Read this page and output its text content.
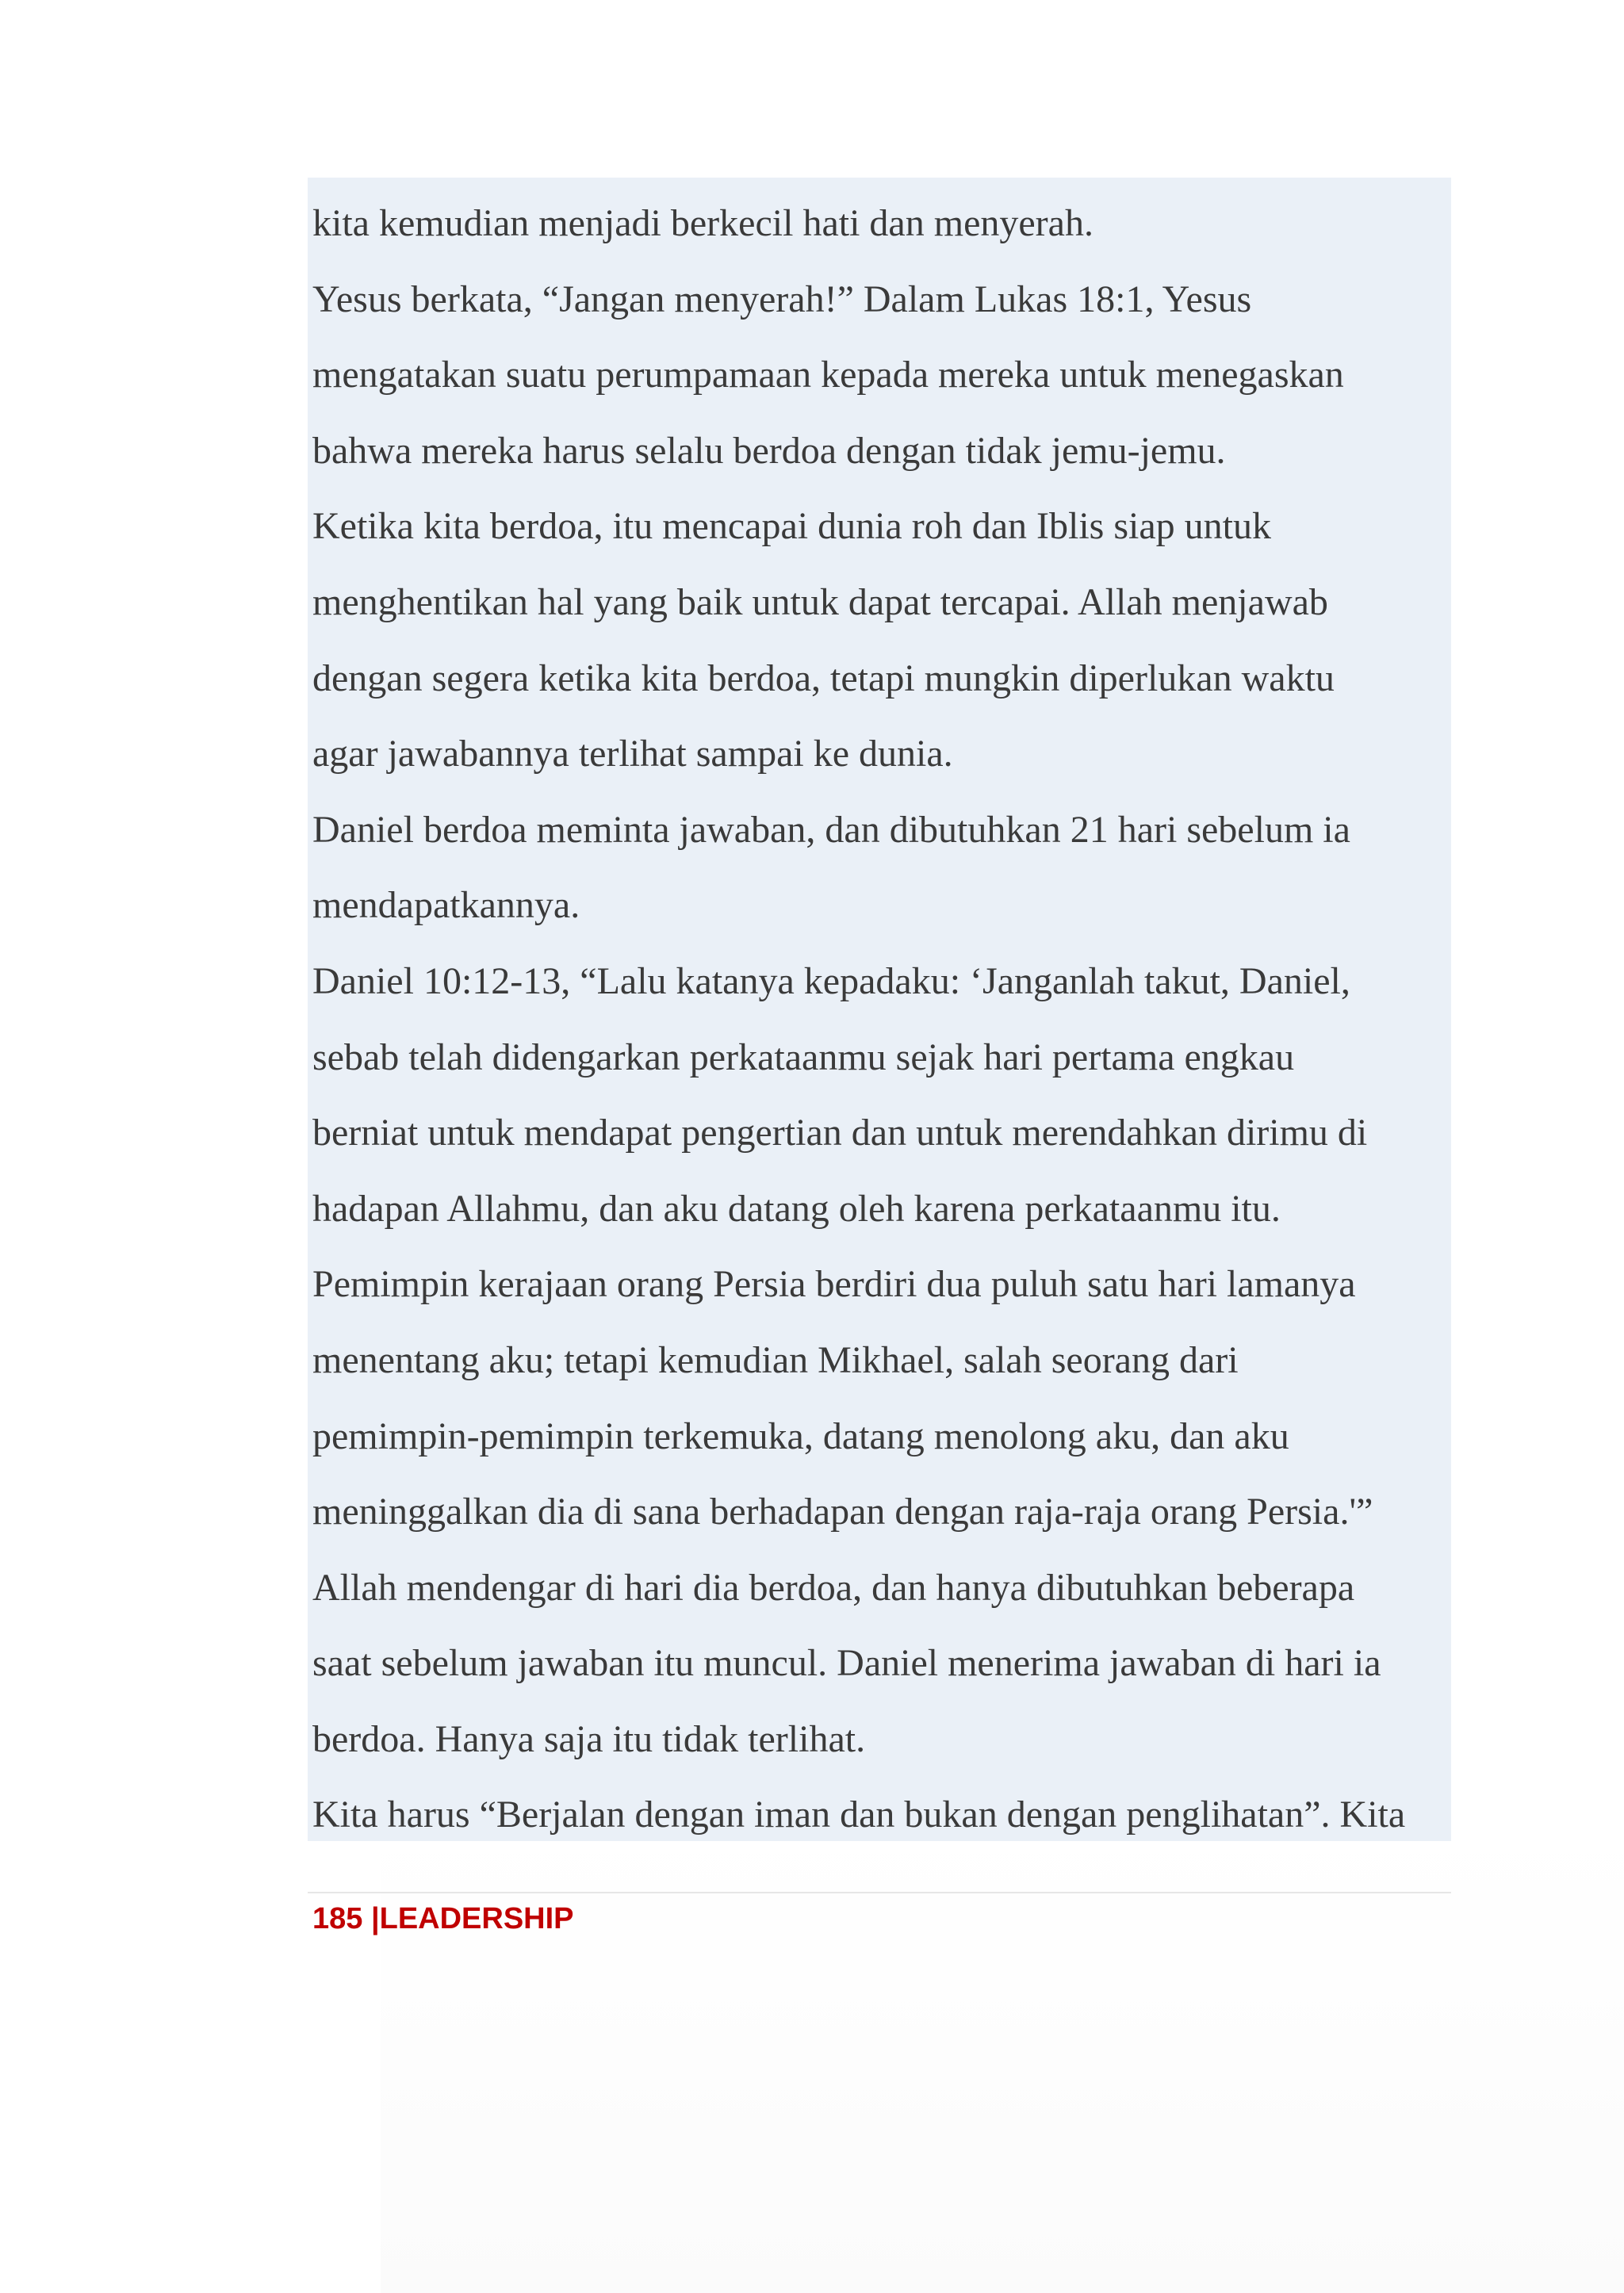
kita kemudian menjadi berkecil hati dan menyerah.
Yesus berkata, “Jangan menyerah!” Dalam Lukas 18:1, Yesus
mengatakan suatu perumpamaan kepada mereka untuk menegaskan
bahwa mereka harus selalu berdoa dengan tidak jemu-jemu.
Ketika kita berdoa, itu mencapai dunia roh dan Iblis siap untuk
menghentikan hal yang baik untuk dapat tercapai. Allah menjawab
dengan segera ketika kita berdoa, tetapi mungkin diperlukan waktu
agar jawabannya terlihat sampai ke dunia.
Daniel berdoa meminta jawaban, dan dibutuhkan 21 hari sebelum ia
mendapatkannya.
Daniel 10:12-13, “Lalu katanya kepadaku: ‘Janganlah takut, Daniel,
sebab telah didengarkan perkataanmu sejak hari pertama engkau
berniat untuk mendapat pengertian dan untuk merendahkan dirimu di
hadapan Allahmu, dan aku datang oleh karena perkataanmu itu.
Pemimpin kerajaan orang Persia berdiri dua puluh satu hari lamanya
menentang aku; tetapi kemudian Mikhael, salah seorang dari
pemimpin-pemimpin terkemuka, datang menolong aku, dan aku
meninggalkan dia di sana berhadapan dengan raja-raja orang Persia.'”
Allah mendengar di hari dia berdoa, dan hanya dibutuhkan beberapa
saat sebelum jawaban itu muncul. Daniel menerima jawaban di hari ia
berdoa. Hanya saja itu tidak terlihat.
Kita harus “Berjalan dengan iman dan bukan dengan penglihatan”. Kita
185 |LEADERSHIP
